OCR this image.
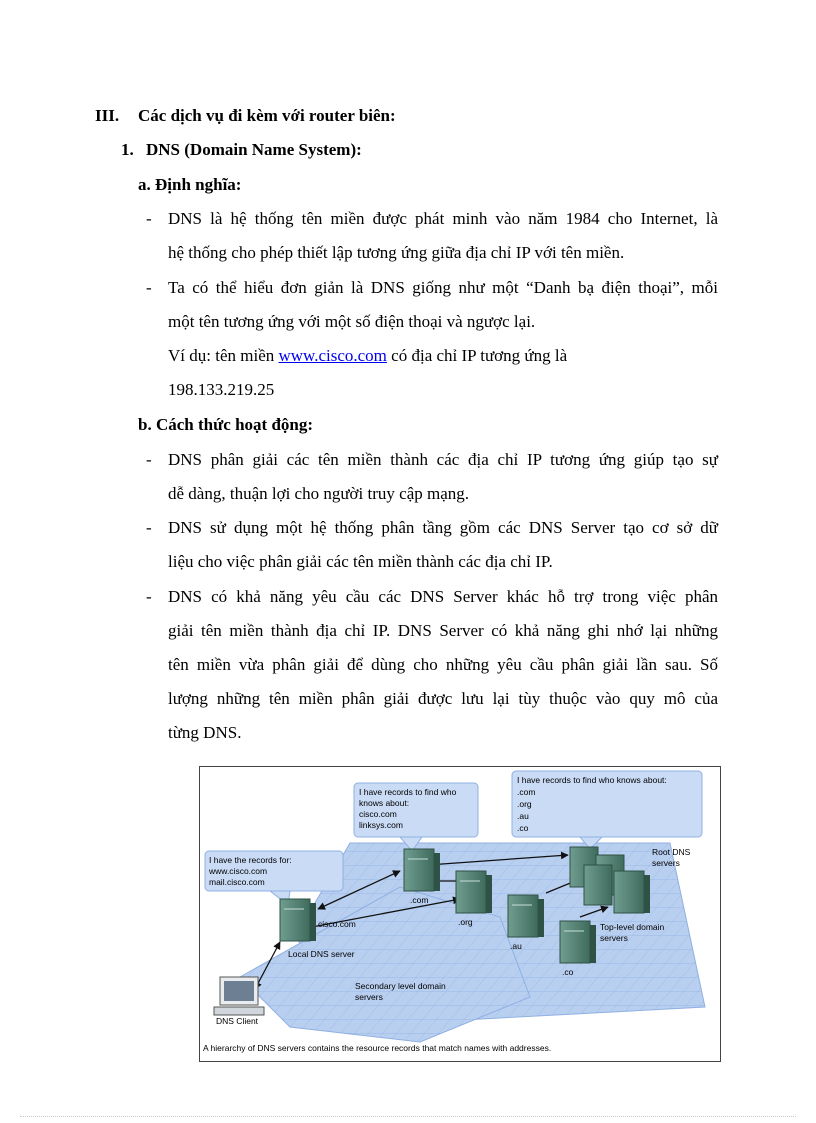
III. Các dịch vụ đi kèm với router biên:
1. DNS (Domain Name System):
a. Định nghĩa:
- DNS là hệ thống tên miền được phát minh vào năm 1984 cho Internet, là
hệ thống cho phép thiết lập tương ứng giữa địa chỉ IP với tên miền.
- Ta có thể hiểu đơn giản là DNS giống như một “Danh bạ điện thoại”, mỗi
một tên tương ứng với một số điện thoại và ngược lại.
Ví dụ: tên miền www.cisco.com có địa chỉ IP tương ứng là
198.133.219.25
b. Cách thức hoạt động:
- DNS phân giải các tên miền thành các địa chỉ IP tương ứng giúp tạo sự
dễ dàng, thuận lợi cho người truy cập mạng.
- DNS sử dụng một hệ thống phân tầng gồm các DNS Server tạo cơ sở dữ
liệu cho việc phân giải các tên miền thành các địa chỉ IP.
- DNS có khả năng yêu cầu các DNS Server khác hỗ trợ trong việc phân
giải tên miền thành địa chỉ IP. DNS Server có khả năng ghi nhớ lại những
tên miền vừa phân giải để dùng cho những yêu cầu phân giải lần sau. Số
lượng những tên miền phân giải được lưu lại tùy thuộc vào quy mô của
từng DNS.
I have the records for:
www.cisco.com
mail.cisco.com
I have records to find who
knows about:
cisco.com
linksys.com
I have records to find who knows about:
.com
.org
.au
.co
cisco.com
Local DNS server
.com
.org
.au
.co
Root DNS
servers
Top-level domain
servers
Secondary level domain
servers
DNS Client
A hierarchy of DNS servers contains the resource records that match names with addresses.
